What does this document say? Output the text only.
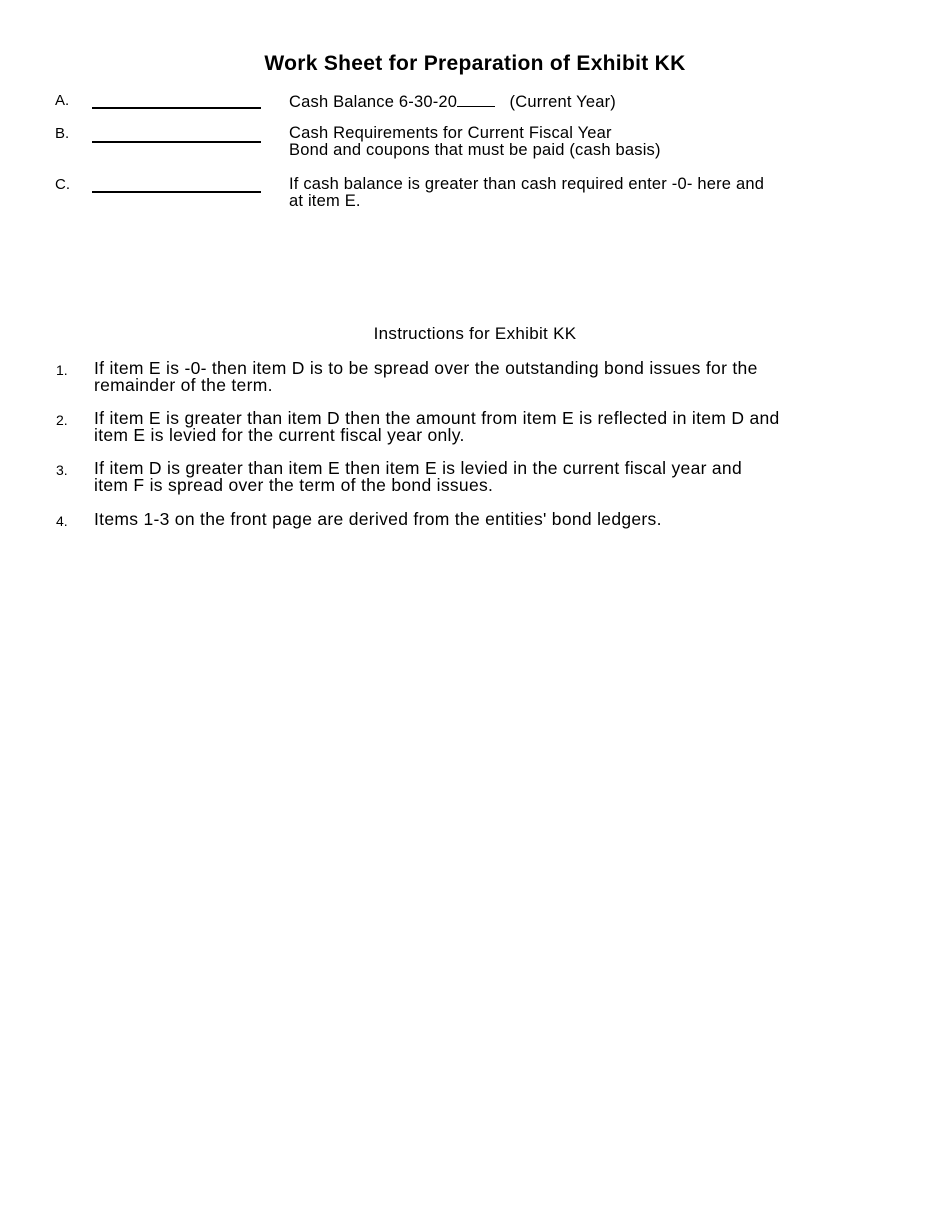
Work Sheet for Preparation of Exhibit KK
A.	Cash Balance 6-30-20	(Current Year)
B.	Cash Requirements for Current Fiscal Year
Bond and coupons that must be paid (cash basis)
C.	If cash balance is greater than cash required enter -0- here and
at item E.
Instructions for Exhibit KK
1. If item E is -0- then item D is to be spread over the outstanding bond issues for the
remainder of the term.
2. If item E is greater than item D then the amount from item E is reflected in item D and
item E is levied for the current fiscal year only.
3. If item D is greater than item E then item E is levied in the current fiscal year and
item F is spread over the term of the bond issues.
4. Items 1-3 on the front page are derived from the entities' bond ledgers.
